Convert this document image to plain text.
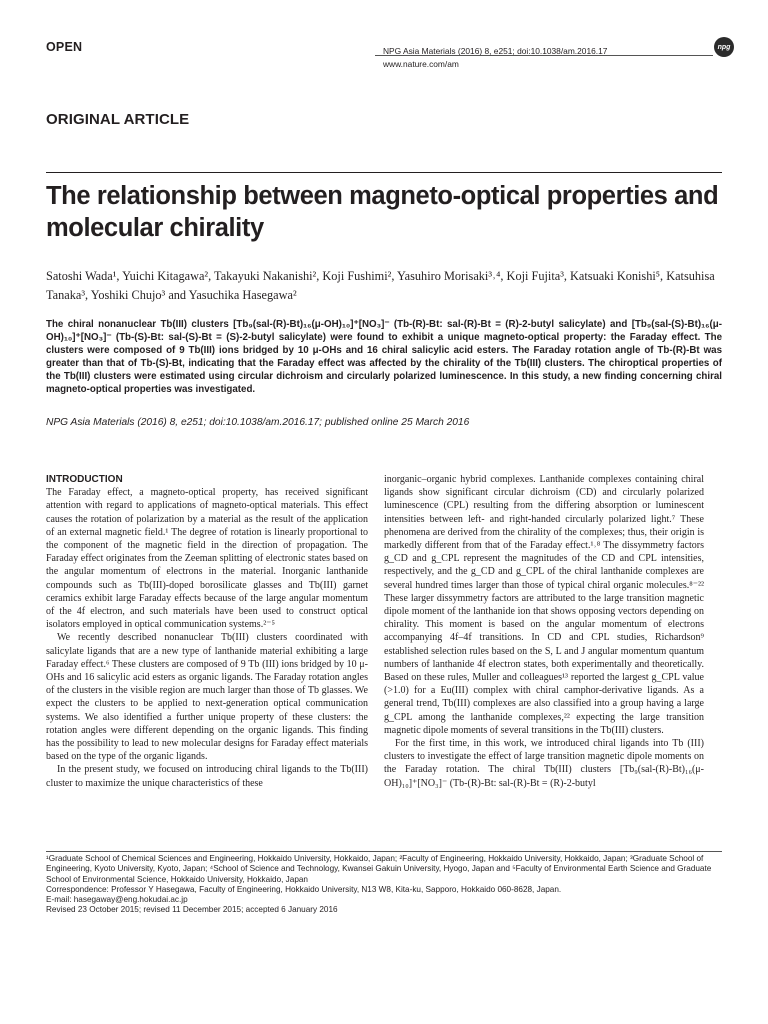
OPEN	NPG Asia Materials (2016) 8, e251; doi:10.1038/am.2016.17
www.nature.com/am
npg
ORIGINAL ARTICLE
The relationship between magneto-optical properties and molecular chirality
Satoshi Wada¹, Yuichi Kitagawa², Takayuki Nakanishi², Koji Fushimi², Yasuhiro Morisaki³˒⁴, Koji Fujita³, Katsuaki Konishi⁵, Katsuhisa Tanaka³, Yoshiki Chujo³ and Yasuchika Hasegawa²
The chiral nonanuclear Tb(III) clusters [Tb₉(sal-(R)-Bt)₁₆(μ-OH)₁₀]⁺[NO₃]⁻ (Tb-(R)-Bt: sal-(R)-Bt = (R)-2-butyl salicylate) and [Tb₉(sal-(S)-Bt)₁₆(μ-OH)₁₀]⁺[NO₃]⁻ (Tb-(S)-Bt: sal-(S)-Bt = (S)-2-butyl salicylate) were found to exhibit a unique magneto-optical property: the Faraday effect. The clusters were composed of 9 Tb(III) ions bridged by 10 μ-OHs and 16 chiral salicylic acid esters. The Faraday rotation angle of Tb-(R)-Bt was greater than that of Tb-(S)-Bt, indicating that the Faraday effect was affected by the chirality of the Tb(III) clusters. The chiroptical properties of the Tb(III) clusters were estimated using circular dichroism and circularly polarized luminescence. In this study, a new finding concerning chiral magneto-optical properties was investigated.
NPG Asia Materials (2016) 8, e251; doi:10.1038/am.2016.17; published online 25 March 2016
INTRODUCTION

The Faraday effect, a magneto-optical property, has received significant attention with regard to applications of magneto-optical materials. This effect causes the rotation of polarization by a material as the result of the application of an external magnetic field.¹ The degree of rotation is linearly proportional to the component of the magnetic field in the direction of propagation. The Faraday effect originates from the Zeeman splitting of electronic states based on the angular momentum of electrons in the material. Inorganic lanthanide compounds such as Tb(III)-doped borosilicate glasses and Tb(III) garnet ceramics exhibit large Faraday effects because of the large angular momentum of the 4f electron, and such materials have been used to construct optical isolators employed in optical communication systems.²⁻⁵

We recently described nonanuclear Tb(III) clusters coordinated with salicylate ligands that are a new type of lanthanide material exhibiting a large Faraday effect.⁶ These clusters are composed of 9 Tb (III) ions bridged by 10 μ-OHs and 16 salicylic acid esters as organic ligands. The Faraday rotation angles of the clusters in the visible region are much larger than those of Tb glasses. We expect the clusters to be applied to next-generation optical communication systems. We also identified a further unique property of these clusters: the rotation angles were different depending on the organic ligands. This finding has the possibility to lead to new molecular designs for Faraday effect materials based on the type of the organic ligands.

In the present study, we focused on introducing chiral ligands to the Tb(III) cluster to maximize the unique characteristics of these

inorganic–organic hybrid complexes. Lanthanide complexes containing chiral ligands show significant circular dichroism (CD) and circularly polarized luminescence (CPL) resulting from the differing absorption or luminescent intensities between left- and right-handed circularly polarized light.⁷ These phenomena are derived from the chirality of the complexes; thus, their origin is markedly different from that of the Faraday effect.¹˒⁸ The dissymmetry factors g_CD and g_CPL represent the magnitudes of the CD and CPL intensities, respectively, and the g_CD and g_CPL of the chiral lanthanide complexes are several hundred times larger than those of typical chiral organic molecules.⁸⁻²² These larger dissymmetry factors are attributed to the large transition magnetic dipole moment of the lanthanide ion that shows opposing vectors depending on chirality. This moment is based on the angular momentum of electrons accompanying 4f–4f transitions. In CD and CPL studies, Richardson⁹ established selection rules based on the S, L and J angular momentum quantum numbers of lanthanide 4f electron states, both experimentally and theoretically. Based on these rules, Muller and colleagues¹³ reported the largest g_CPL value (>1.0) for a Eu(III) complex with chiral camphor-derivative ligands. As a general trend, Tb(III) complexes are also classified into a group having a large g_CPL among the lanthanide complexes,²² expecting the large transition magnetic dipole moments of several transitions in the Tb(III) clusters.

For the first time, in this work, we introduced chiral ligands into Tb (III) clusters to investigate the effect of large transition magnetic dipole moments on the Faraday rotation. The chiral Tb(III) clusters [Tb₉(sal-(R)-Bt)₁₆(μ-OH)₁₀]⁺[NO₃]⁻ (Tb-(R)-Bt: sal-(R)-Bt = (R)-2-butyl

¹Graduate School of Chemical Sciences and Engineering, Hokkaido University, Hokkaido, Japan; ²Faculty of Engineering, Hokkaido University, Hokkaido, Japan; ³Graduate School of Engineering, Kyoto University, Kyoto, Japan; ⁴School of Science and Technology, Kwansei Gakuin University, Hyogo, Japan and ⁵Faculty of Environmental Earth Science and Graduate School of Environmental Science, Hokkaido University, Hokkaido, Japan
Correspondence: Professor Y Hasegawa, Faculty of Engineering, Hokkaido University, N13 W8, Kita-ku, Sapporo, Hokkaido 060-8628, Japan.
E-mail: hasegaway@eng.hokudai.ac.jp
Revised 23 October 2015; revised 11 December 2015; accepted 6 January 2016
